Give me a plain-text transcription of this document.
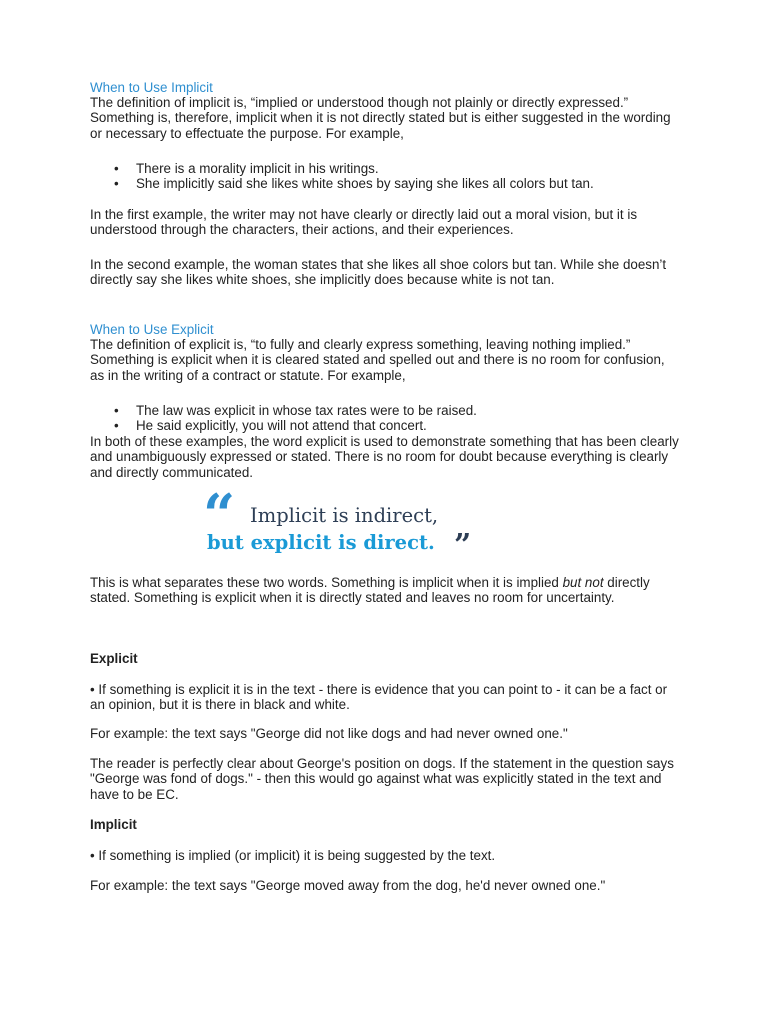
When to Use Implicit

The definition of implicit is, “implied or understood though not plainly or directly expressed.” Something is, therefore, implicit when it is not directly stated but is either suggested in the wording or necessary to effectuate the purpose. For example,

• There is a morality implicit in his writings.
• She implicitly said she likes white shoes by saying she likes all colors but tan.

In the first example, the writer may not have clearly or directly laid out a moral vision, but it is understood through the characters, their actions, and their experiences.

In the second example, the woman states that she likes all shoe colors but tan. While she doesn’t directly say she likes white shoes, she implicitly does because white is not tan.

When to Use Explicit

The definition of explicit is, “to fully and clearly express something, leaving nothing implied.” Something is explicit when it is cleared stated and spelled out and there is no room for confusion, as in the writing of a contract or statute. For example,

• The law was explicit in whose tax rates were to be raised.
• He said explicitly, you will not attend that concert.

In both of these examples, the word explicit is used to demonstrate something that has been clearly and unambiguously expressed or stated. There is no room for doubt because everything is clearly and directly communicated.

“ Implicit is indirect,
but explicit is direct. ”

This is what separates these two words. Something is implicit when it is implied but not directly stated. Something is explicit when it is directly stated and leaves no room for uncertainty.

Explicit

• If something is explicit it is in the text - there is evidence that you can point to - it can be a fact or an opinion, but it is there in black and white.

For example: the text says "George did not like dogs and had never owned one."

The reader is perfectly clear about George's position on dogs. If the statement in the question says "George was fond of dogs." - then this would go against what was explicitly stated in the text and have to be EC.

Implicit

• If something is implied (or implicit) it is being suggested by the text.

For example: the text says "George moved away from the dog, he'd never owned one."
